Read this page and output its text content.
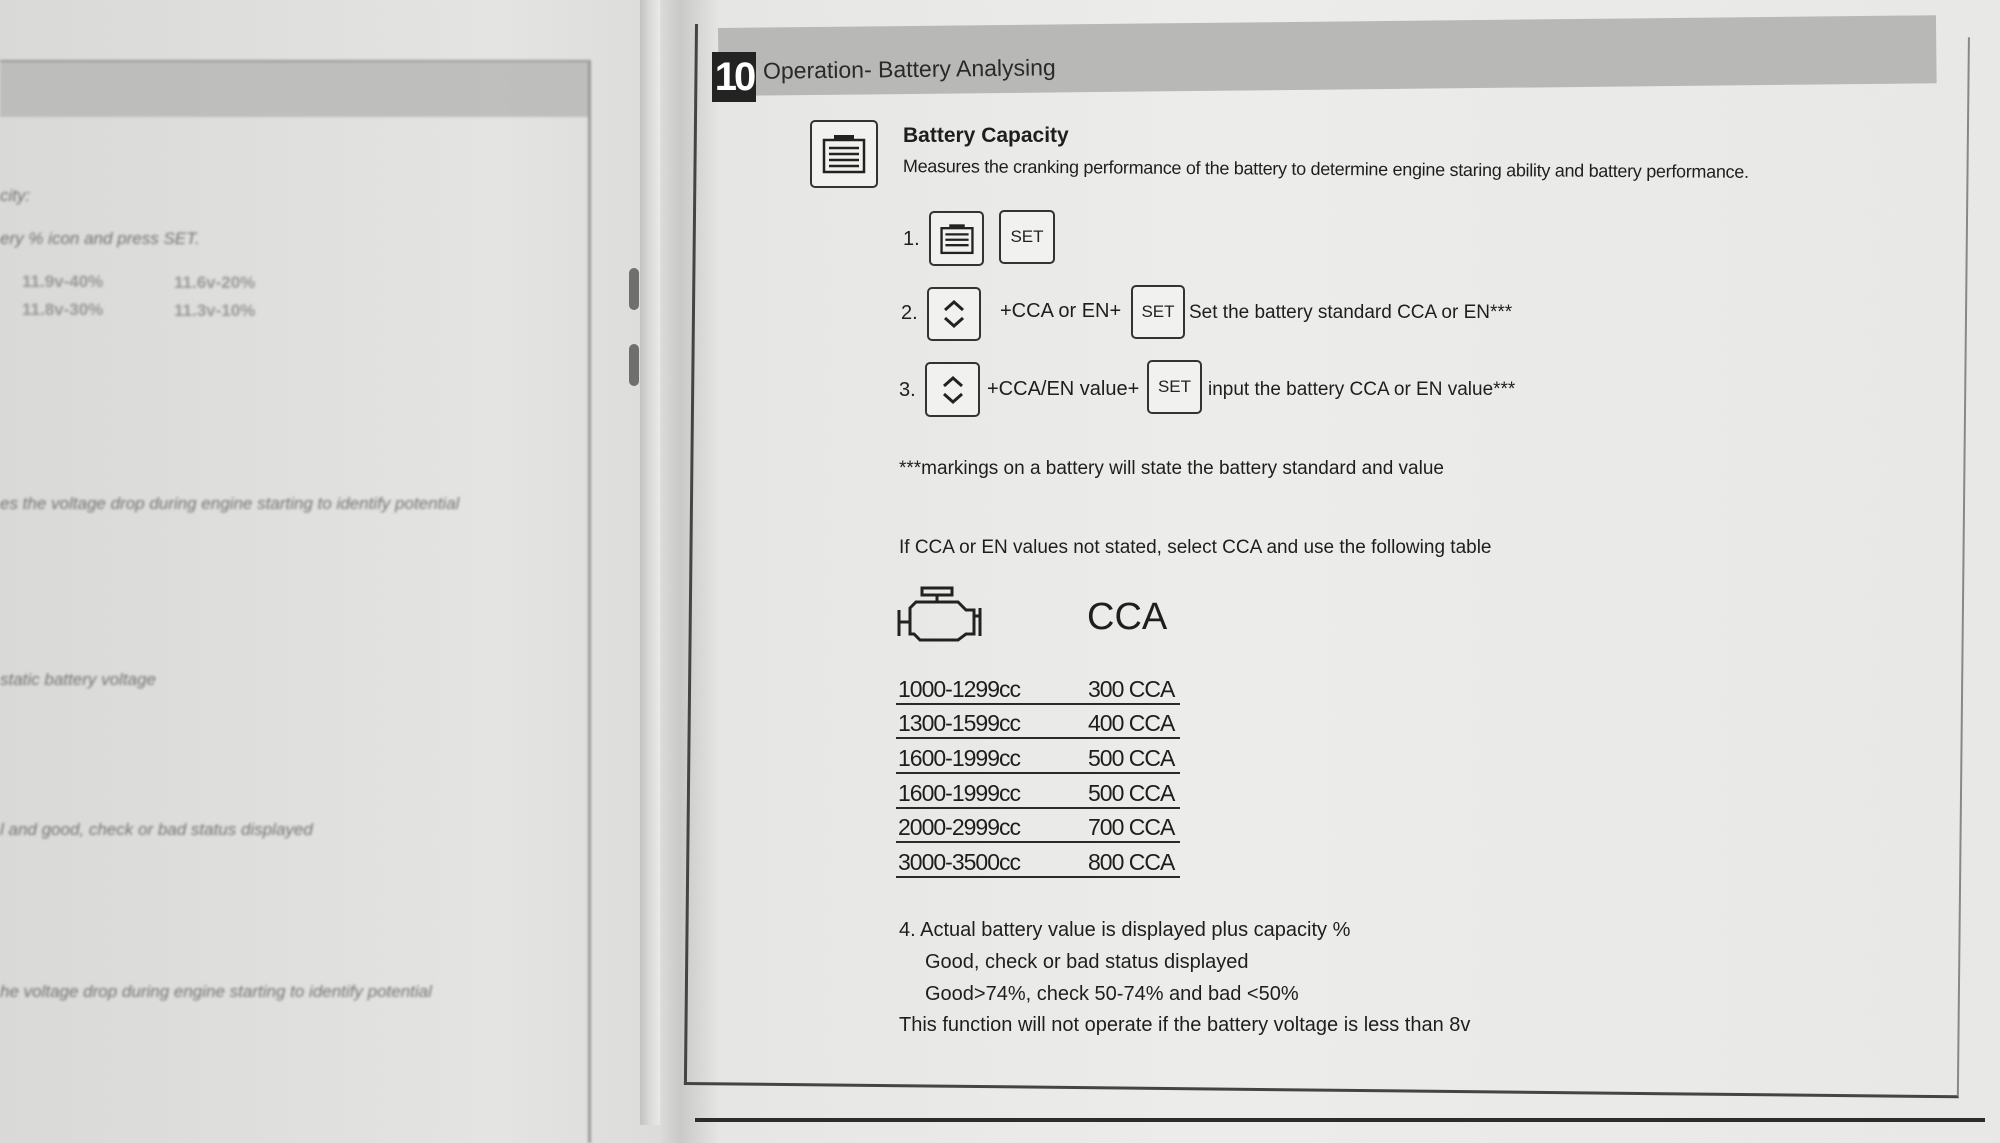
city:
ery % icon and press SET.
11.9v-40%	11.6v-20%
11.8v-30%	11.3v-10%
es the voltage drop during engine starting to identify potential
static battery voltage
l and good, check or bad status displayed
he voltage drop during engine starting to identify potential
10 Operation- Battery Analysing
Battery Capacity
Measures the cranking performance of the battery to determine engine staring ability and battery performance.
1.	SET
2.	+CCA or EN+	SET Set the battery standard CCA or EN***
3.	+CCA/EN value+	SET input the battery CCA or EN value***
***markings on a battery will state the battery standard and value
If CCA or EN values not stated, select CCA and use the following table
CCA
1000-1299cc	300 CCA
1300-1599cc	400 CCA
1600-1999cc	500 CCA
1600-1999cc	500 CCA
2000-2999cc	700 CCA
3000-3500cc	800 CCA
4. Actual battery value is displayed plus capacity %
Good, check or bad status displayed
Good>74%, check 50-74% and bad <50%
This function will not operate if the battery voltage is less than 8v
